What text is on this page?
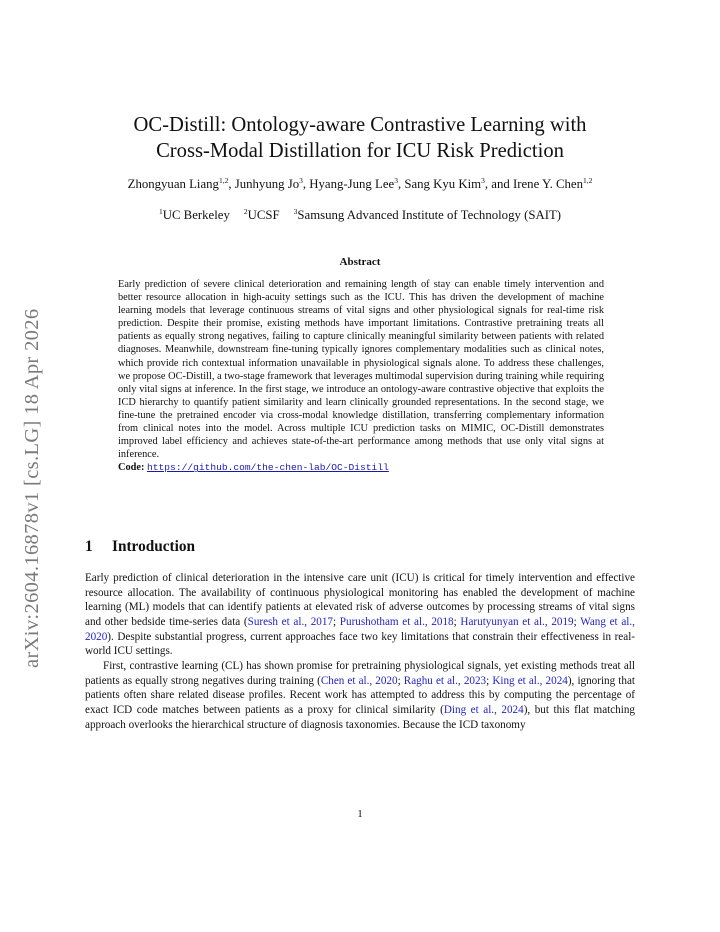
arXiv:2604.16878v1 [cs.LG] 18 Apr 2026
OC-Distill: Ontology-aware Contrastive Learning with
Cross-Modal Distillation for ICU Risk Prediction
Zhongyuan Liang$^{1,2}$, Junhyung Jo$^3$, Hyang-Jung Lee$^3$, Sang Kyu Kim$^3$, and Irene Y. Chen$^{1,2}$
$^1$UC Berkeley $^2$UCSF $^3$Samsung Advanced Institute of Technology (SAIT)
Abstract
Early prediction of severe clinical deterioration and remaining length of stay can enable timely intervention and better resource allocation in high-acuity settings such as the ICU. This has driven the development of machine learning models that leverage continuous streams of vital signs and other physiological signals for real-time risk prediction. Despite their promise, existing methods have important limitations. Contrastive pretraining treats all patients as equally strong negatives, failing to capture clinically meaningful similarity between patients with related diagnoses. Meanwhile, downstream fine-tuning typically ignores complementary modalities such as clinical notes, which provide rich contextual information unavailable in physiological signals alone. To address these challenges, we propose OC-Distill, a two-stage framework that leverages multimodal supervision during training while requiring only vital signs at inference. In the first stage, we introduce an ontology-aware contrastive objective that exploits the ICD hierarchy to quantify patient similarity and learn clinically grounded representations. In the second stage, we fine-tune the pretrained encoder via cross-modal knowledge distillation, transferring complementary information from clinical notes into the model. Across multiple ICU prediction tasks on MIMIC, OC-Distill demonstrates improved label efficiency and achieves state-of-the-art performance among methods that use only vital signs at inference.
Code: https://github.com/the-chen-lab/OC-Distill
1 Introduction

Early prediction of clinical deterioration in the intensive care unit (ICU) is critical for timely intervention and effective resource allocation. The availability of continuous physiological monitoring has enabled the development of machine learning (ML) models that can identify patients at elevated risk of adverse outcomes by processing streams of vital signs and other bedside time-series data (Suresh et al., 2017; Purushotham et al., 2018; Harutyunyan et al., 2019; Wang et al., 2020). Despite substantial progress, current approaches face two key limitations that constrain their effectiveness in real-world ICU settings.

First, contrastive learning (CL) has shown promise for pretraining physiological signals, yet existing methods treat all patients as equally strong negatives during training (Chen et al., 2020; Raghu et al., 2023; King et al., 2024), ignoring that patients often share related disease profiles. Recent work has attempted to address this by computing the percentage of exact ICD code matches between patients as a proxy for clinical similarity (Ding et al., 2024), but this flat matching approach overlooks the hierarchical structure of diagnosis taxonomies. Because the ICD taxonomy

1
